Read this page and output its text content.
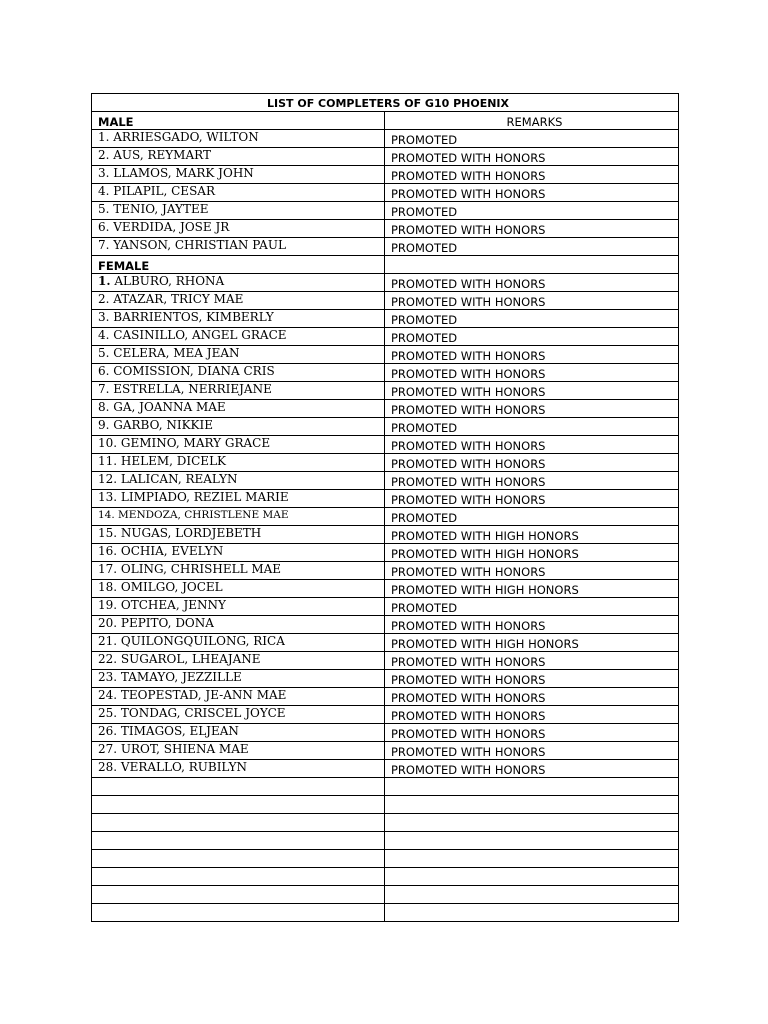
LIST OF COMPLETERS OF G10 PHOENIX	
MALE	REMARKS
1. ARRIESGADO, WILTON	PROMOTED
2. AUS, REYMART	PROMOTED WITH HONORS
3. LLAMOS, MARK JOHN	PROMOTED WITH HONORS
4. PILAPIL, CESAR	PROMOTED WITH HONORS
5. TENIO, JAYTEE	PROMOTED
6. VERDIDA, JOSE JR	PROMOTED WITH HONORS
7. YANSON, CHRISTIAN PAUL	PROMOTED
FEMALE	
1. ALBURO, RHONA	PROMOTED WITH HONORS
2. ATAZAR, TRICY MAE	PROMOTED WITH HONORS
3. BARRIENTOS, KIMBERLY	PROMOTED
4. CASINILLO, ANGEL GRACE	PROMOTED
5. CELERA, MEA JEAN	PROMOTED WITH HONORS
6. COMISSION, DIANA CRIS	PROMOTED WITH HONORS
7. ESTRELLA, NERRIEJANE	PROMOTED WITH HONORS
8. GA, JOANNA MAE	PROMOTED WITH HONORS
9. GARBO, NIKKIE	PROMOTED
10. GEMINO, MARY GRACE	PROMOTED WITH HONORS
11. HELEM, DICELK	PROMOTED WITH HONORS
12. LALICAN, REALYN	PROMOTED WITH HONORS
13. LIMPIADO, REZIEL MARIE	PROMOTED WITH HONORS
14. MENDOZA, CHRISTLENE MAE	PROMOTED
15. NUGAS, LORDJEBETH	PROMOTED WITH HIGH HONORS
16. OCHIA, EVELYN	PROMOTED WITH HIGH HONORS
17. OLING, CHRISHELL MAE	PROMOTED WITH HONORS
18. OMILGO, JOCEL	PROMOTED WITH HIGH HONORS
19. OTCHEA, JENNY	PROMOTED
20. PEPITO, DONA	PROMOTED WITH HONORS
21. QUILONGQUILONG, RICA	PROMOTED WITH HIGH HONORS
22. SUGAROL, LHEAJANE	PROMOTED WITH HONORS
23. TAMAYO, JEZZILLE	PROMOTED WITH HONORS
24. TEOPESTAD, JE-ANN MAE	PROMOTED WITH HONORS
25. TONDAG, CRISCEL JOYCE	PROMOTED WITH HONORS
26. TIMAGOS, ELJEAN	PROMOTED WITH HONORS
27. UROT, SHIENA MAE	PROMOTED WITH HONORS
28. VERALLO, RUBILYN	PROMOTED WITH HONORS
